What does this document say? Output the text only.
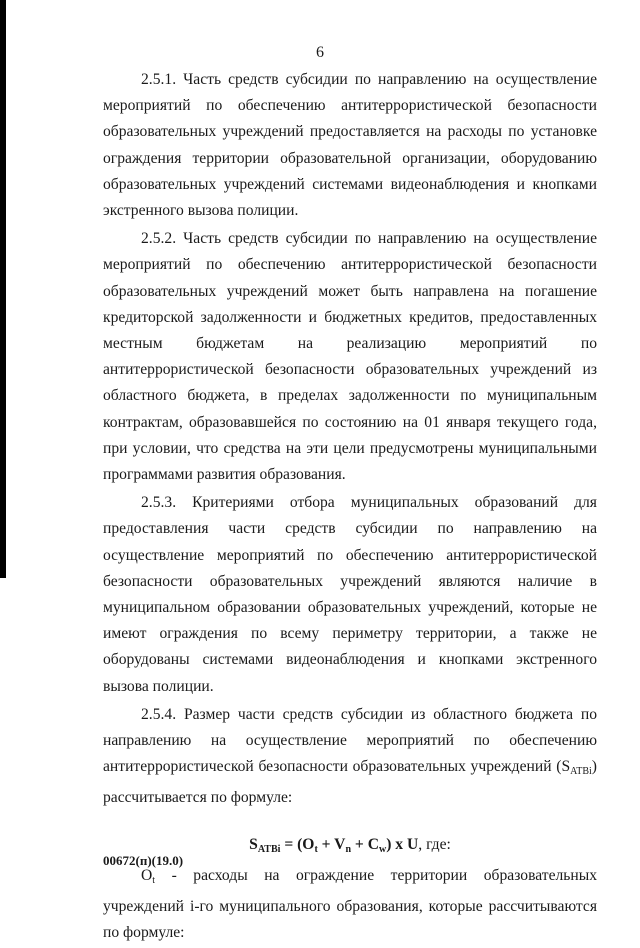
6

2.5.1. Часть средств субсидии по направлению на осуществление мероприятий по обеспечению антитеррористической безопасности образовательных учреждений предоставляется на расходы по установке ограждения территории образовательной организации, оборудованию образовательных учреждений системами видеонаблюдения и кнопками экстренного вызова полиции.

2.5.2. Часть средств субсидии по направлению на осуществление мероприятий по обеспечению антитеррористической безопасности образовательных учреждений может быть направлена на погашение кредиторской задолженности и бюджетных кредитов, предоставленных местным бюджетам на реализацию мероприятий по антитеррористической безопасности образовательных учреждений из областного бюджета, в пределах задолженности по муниципальным контрактам, образовавшейся по состоянию на 01 января текущего года, при условии, что средства на эти цели предусмотрены муниципальными программами развития образования.

2.5.3. Критериями отбора муниципальных образований для предоставления части средств субсидии по направлению на осуществление мероприятий по обеспечению антитеррористической безопасности образовательных учреждений являются наличие в муниципальном образовании образовательных учреждений, которые не имеют ограждения по всему периметру территории, а также не оборудованы системами видеонаблюдения и кнопками экстренного вызова полиции.

2.5.4. Размер части средств субсидии из областного бюджета по направлению на осуществление мероприятий по обеспечению антитеррористической безопасности образовательных учреждений $(S_{ATBi})$ рассчитывается по формуле:

$S_{ATBi} = (O_t + V_n + C_w)$ x U, где:

$O_t$ - расходы на ограждение территории образовательных учреждений i-го муниципального образования, которые рассчитываются по формуле:

00672(п)(19.0)
